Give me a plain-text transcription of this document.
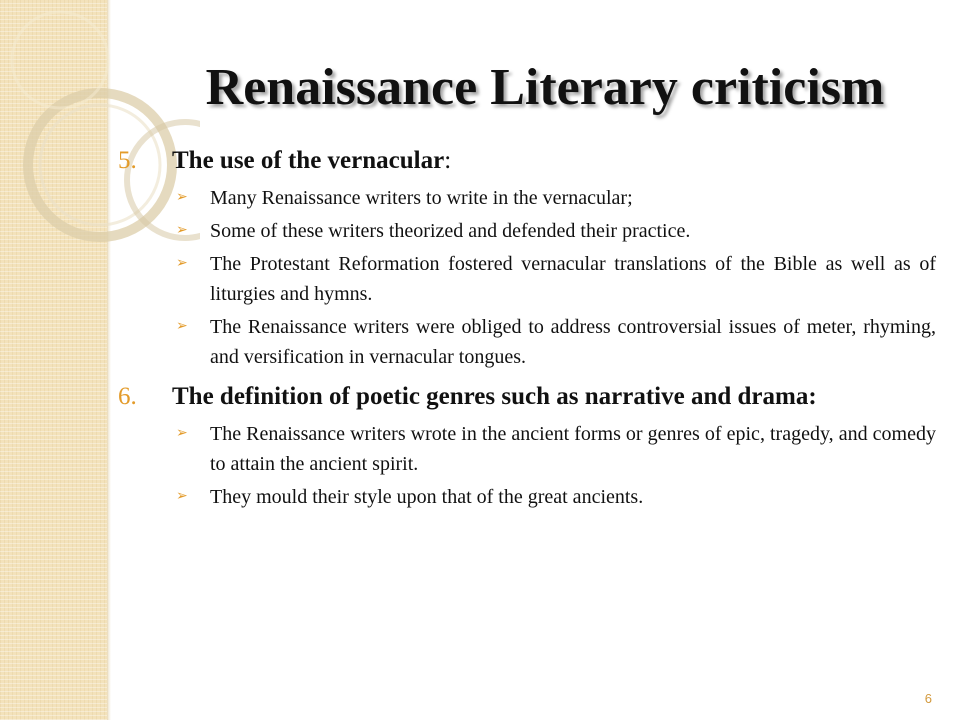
Renaissance Literary criticism
5.	The use of the vernacular:
➢	Many Renaissance writers to write in the vernacular;
➢	Some of these writers theorized and defended their practice.
➢	The Protestant Reformation fostered vernacular translations of the Bible as well as of liturgies and hymns.
➢	The Renaissance writers were obliged to address controversial issues of meter, rhyming, and versification in vernacular tongues.
6.	The definition of poetic genres such as narrative and drama:
➢	The Renaissance writers wrote in the ancient forms or genres of epic, tragedy, and comedy to attain the ancient spirit.
➢	They mould their style upon that of the great ancients.
6
